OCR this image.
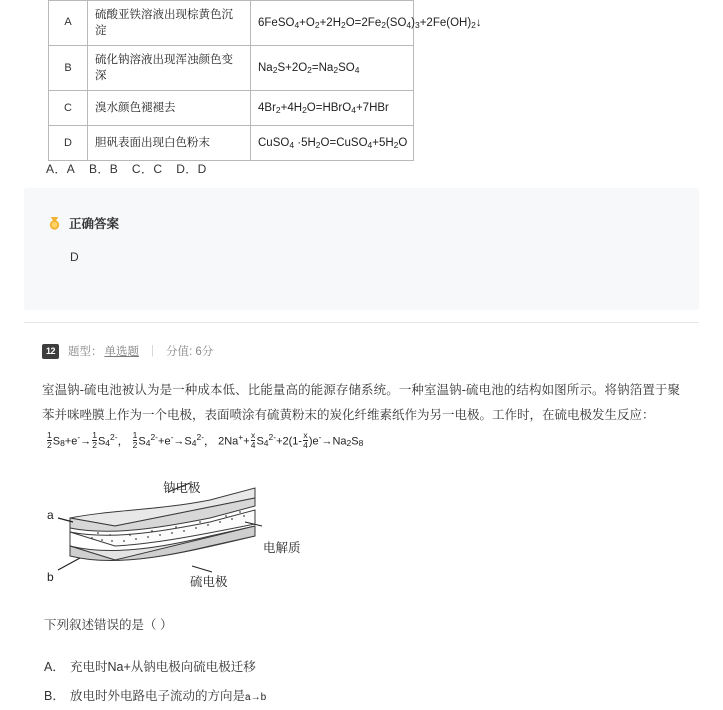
A	硫酸亚铁溶液出现棕黄色沉淀	$6FeSO_4+O_2+2H_2O=2Fe_2(SO_4)_3+2Fe(OH)_2↓$
B	硫化钠溶液出现浑浊颜色变深	$Na_2S+2O_2=Na_2SO_4$
C	溴水颜色褪褪去	$4Br_2+4H_2O=HBrO_4+7HBr$
D	胆矾表面出现白色粉末	CuSO$_4$ $\cdot 5H_2O=CuSO_4+5H_2O$
A．A B．B C．C D．D
正确答案
D
12	题型： 单选题 | 分值: 6分
室温钠-硫电池被认为是一种成本低、比能量高的能源存储系统。一种室温钠-硫电池的结构如图所示。将钠箔置于聚苯并咪唑膜上作为一个电极，表面喷涂有硫黄粉末的炭化纤维素纸作为另一电极。工作时，在硫电极发生反应：
$\frac{1}{2} S_8+e^-\to \frac{1}{2} S_4^{2-}$， $\frac{1}{2} S_4^{2-}+e^-\to S_4^{2-}$， $2Na^++ \frac{x}{4} S_4^{2-}+2(1- \frac{x}{4} )e^-\to Na_2S_8$
钠电极
电解质
硫电极
a
b
下列叙述错误的是（ ）
A． 充电时Na+从钠电极向硫电极迁移
B． 放电时外电路电子流动的方向是a→b
